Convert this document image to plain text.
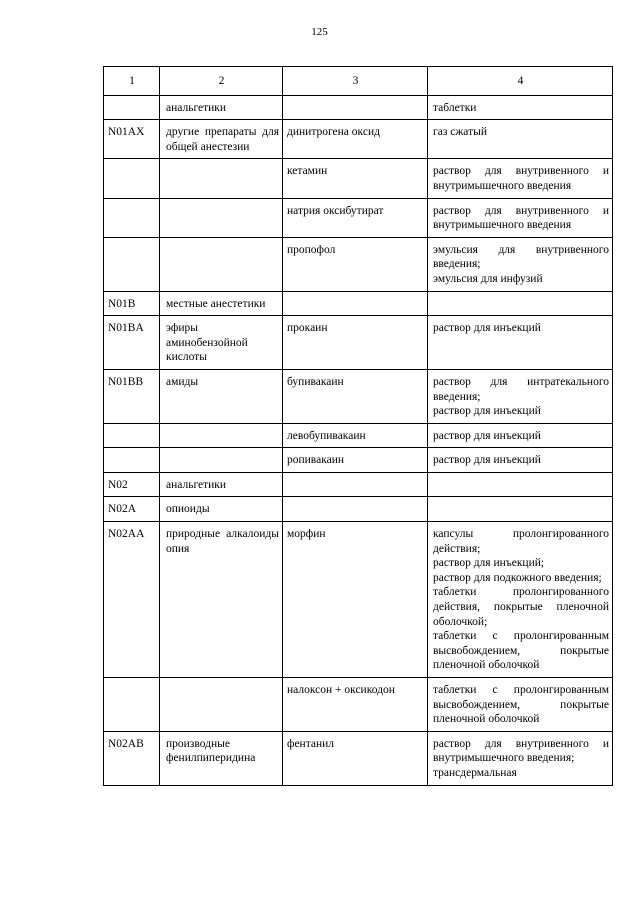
125
1	2	3	4
	анальгетики		таблетки

N01AX	другие препараты для общей анестезии	динитрогена оксид	газ сжатый

		кетамин	раствор для внутривенного и внутримышечного введения

		натрия оксибутират	раствор для внутривенного и внутримышечного введения

		пропофол	эмульсия для внутривенного введения;
эмульсия для инфузий

N01B	местные анестетики		
N01BA	эфиры аминобензойной кислоты	прокаин	раствор для инъекций

N01BB	амиды	бупивакаин	раствор для интратекального введения;
раствор для инъекций

		левобупивакаин	раствор для инъекций

		ропивакаин	раствор для инъекций

N02	анальгетики		
N02A	опиоиды		
N02AA	природные алкалоиды опия	морфин	капсулы пролонгированного действия;
раствор для инъекций;
раствор для подкожного введения;
таблетки пролонгированного действия, покрытые пленочной оболочкой;
таблетки с пролонгированным высвобождением, покрытые пленочной оболочкой

		налоксон + оксикодон	таблетки с пролонгированным высвобождением, покрытые пленочной оболочкой

N02AB	производные фенилпиперидина	фентанил	раствор для внутривенного и внутримышечного введения;
трансдермальная
